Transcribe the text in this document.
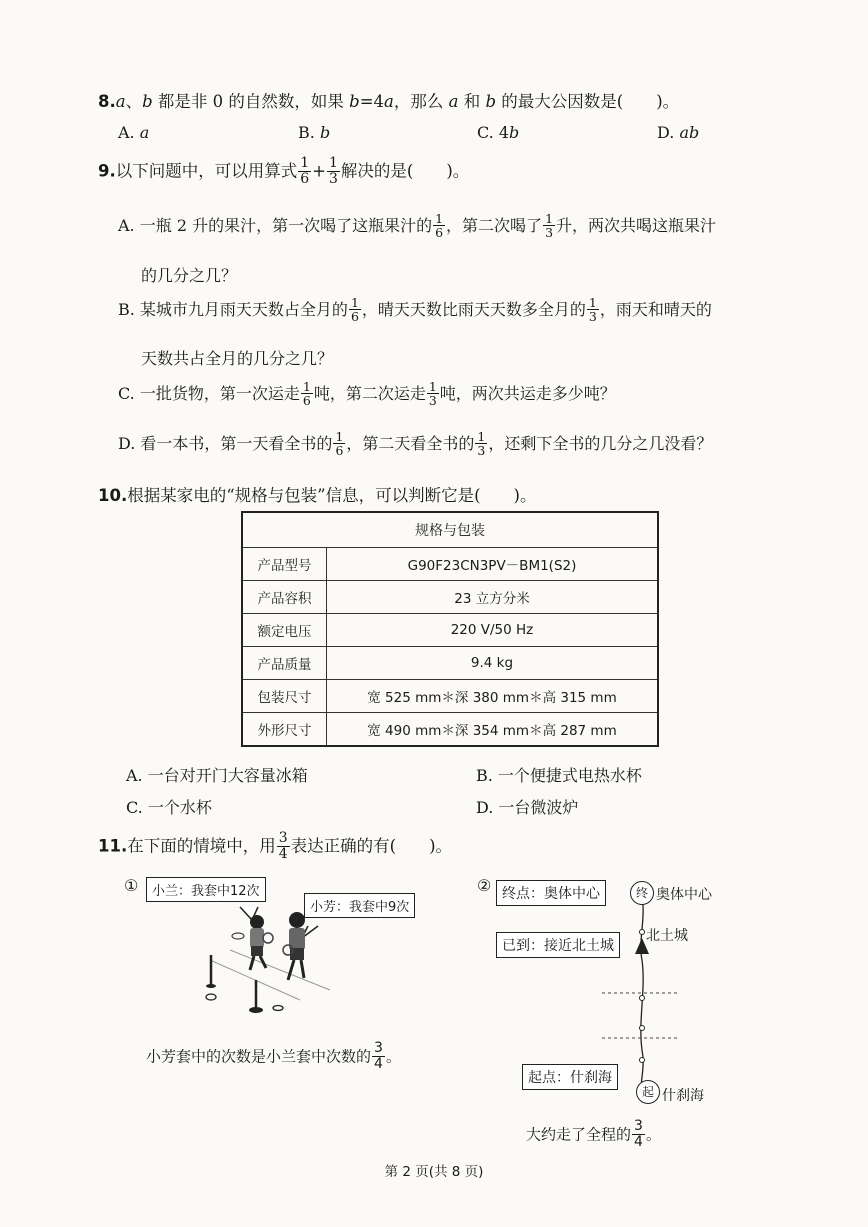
8.a、b 都是非 0 的自然数，如果 b=4a，那么 a 和 b 的最大公因数是(　　)。
A. a	B. b	C. 4b	D. ab
9.以下问题中，可以用算式 $\frac{1}{6} + \frac{1}{3}$ 解决的是(　　)。
A. 一瓶 2 升的果汁，第一次喝了这瓶果汁的 $\frac{1}{6}$ ，第二次喝了 $\frac{1}{3}$ 升，两次共喝这瓶果汁
的几分之几？
B. 某城市九月雨天天数占全月的 $\frac{1}{6}$ ，晴天天数比雨天天数多全月的 $\frac{1}{3}$ ，雨天和晴天的
天数共占全月的几分之几？
C. 一批货物，第一次运走 $\frac{1}{6}$ 吨，第二次运走 $\frac{1}{3}$ 吨，两次共运走多少吨？
D. 看一本书，第一天看全书的 $\frac{1}{6}$ ，第二天看全书的 $\frac{1}{3}$ ，还剩下全书的几分之几没看？
10.根据某家电的“规格与包装”信息，可以判断它是(　　)。
规格与包装	
产品型号	G90F23CN3PV－BM1(S2)
产品容积	23 立方分米
额定电压	220 V/50 Hz
产品质量	9.4 kg
包装尺寸	宽 525 mm＊深 380 mm＊高 315 mm
外形尺寸	宽 490 mm＊深 354 mm＊高 287 mm
A. 一台对开门大容量冰箱	B. 一个便捷式电热水杯
C. 一个水杯	D. 一台微波炉
11.在下面的情境中，用 $\frac{3}{4}$ 表达正确的有(　　)。
①	小兰：我套中12次
小芳：我套中9次
小芳套中的次数是小兰套中次数的 $\frac{3}{4}$ 。
② 终点：奥体中心	终 奥体中心
北土城
已到：接近北土城
起点：什刹海
起 什刹海
大约走了全程的 $\frac{3}{4}$ 。
第 2 页(共 8 页)
